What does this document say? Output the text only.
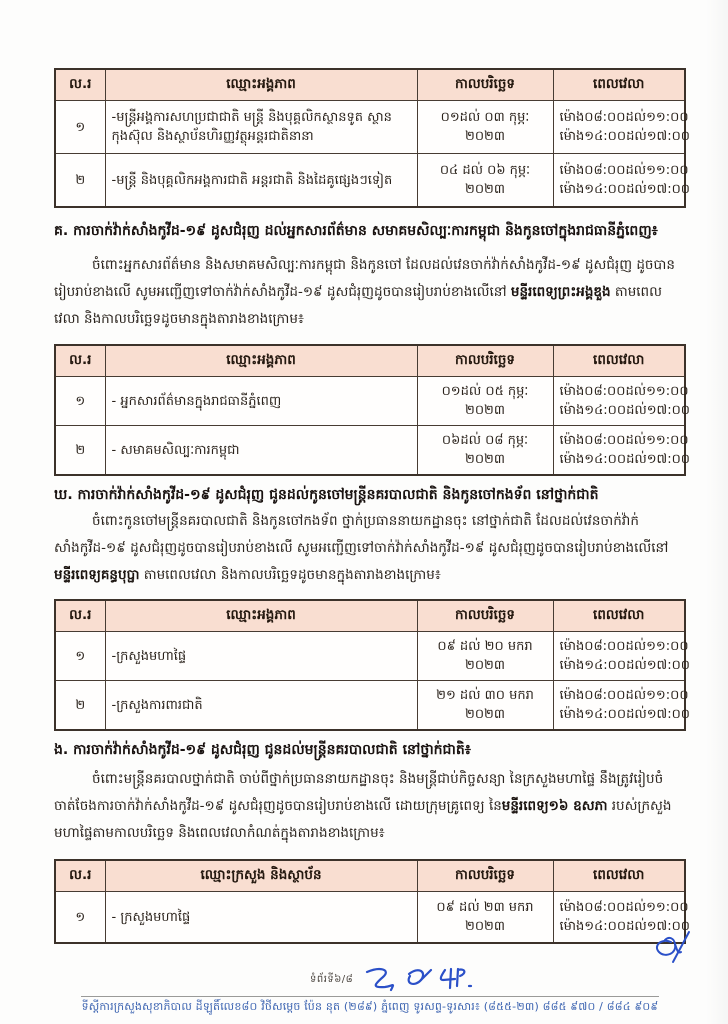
ល.រ	ឈ្មោះអង្គភាព	កាលបរិច្ឆេទ	ពេលវេលា
១	-មន្ត្រីអង្គការសហប្រជាជាតិ មន្ត្រី និងបុគ្គលិកស្ថានទូត ស្ថានកុងស៊ុល និងស្ថាប័នហិរញ្ញវត្ថុអន្តរជាតិនានា	០១ដល់ ០៣ កុម្ភៈ ២០២៣	ម៉ោង០៨:០០ដល់១១:០០
ម៉ោង១៤:០០ដល់១៧:០០

២	-មន្ត្រី និងបុគ្គលិកអង្គការជាតិ អន្តរជាតិ និងដៃគូផ្សេងៗទៀត	០៤ ដល់ ០៦ កុម្ភៈ ២០២៣	ម៉ោង០៨:០០ដល់១១:០០
ម៉ោង១៤:០០ដល់១៧:០០
គ. ការចាក់វ៉ាក់សាំងកូវីដ-១៩ ដូសជំរុញ ដល់អ្នកសារព័ត៌មាន សមាគមសិល្បៈការកម្ពុជា និងកូនចៅក្នុងរាជធានីភ្នំពេញ៖

ចំពោះអ្នកសារព័ត៌មាន និងសមាគមសិល្បៈការកម្ពុជា និងកូនចៅ ដែលដល់វេនចាក់វ៉ាក់សាំងកូវីដ-១៩ ដូសជំរុញ ដូចបានរៀបរាប់ខាងលើ សូមអញ្ជើញទៅចាក់វ៉ាក់សាំងកូវីដ-១៩ ដូសជំរុញដូចបានរៀបរាប់ខាងលើនៅ មន្ទីរពេទ្យព្រះអង្គឌួង តាមពេលវេលា និងកាលបរិច្ឆេទដូចមានក្នុងតារាងខាងក្រោម៖

ល.រ	ឈ្មោះអង្គភាព	កាលបរិច្ឆេទ	ពេលវេលា
១	- អ្នកសារព័ត៌មានក្នុងរាជធានីភ្នំពេញ	០១ដល់ ០៥ កុម្ភៈ ២០២៣	ម៉ោង០៨:០០ដល់១១:០០
ម៉ោង១៤:០០ដល់១៧:០០

២	- សមាគមសិល្បៈការកម្ពុជា	០៦ដល់ ០៨ កុម្ភៈ ២០២៣	ម៉ោង០៨:០០ដល់១១:០០
ម៉ោង១៤:០០ដល់១៧:០០
ឃ. ការចាក់វ៉ាក់សាំងកូវីដ-១៩ ដូសជំរុញ ជូនដល់កូនចៅមន្ត្រីនគរបាលជាតិ និងកូនចៅកងទ័ព នៅថ្នាក់ជាតិ

ចំពោះកូនចៅមន្ត្រីនគរបាលជាតិ និងកូនចៅកងទ័ព ថ្នាក់ប្រធាននាយកដ្ឋានចុះ នៅថ្នាក់ជាតិ ដែលដល់វេនចាក់វ៉ាក់សាំងកូវីដ-១៩ ដូសជំរុញដូចបានរៀបរាប់ខាងលើ សូមអញ្ជើញទៅចាក់វ៉ាក់សាំងកូវីដ-១៩ ដូសជំរុញដូចបានរៀបរាប់ខាងលើនៅ មន្ទីរពេទ្យគន្ធបុប្ផា តាមពេលវេលា និងកាលបរិច្ឆេទដូចមានក្នុងតារាងខាងក្រោម៖

ល.រ	ឈ្មោះអង្គភាព	កាលបរិច្ឆេទ	ពេលវេលា
១	-ក្រសួងមហាផ្ទៃ	០៩ ដល់ ២០ មករា ២០២៣	ម៉ោង០៨:០០ដល់១១:០០
ម៉ោង១៤:០០ដល់១៧:០០

២	-ក្រសួងការពារជាតិ	២១ ដល់ ៣០ មករា ២០២៣	ម៉ោង០៨:០០ដល់១១:០០
ម៉ោង១៤:០០ដល់១៧:០០
ង. ការចាក់វ៉ាក់សាំងកូវីដ-១៩ ដូសជំរុញ ជូនដល់មន្ត្រីនគរបាលជាតិ នៅថ្នាក់ជាតិ៖

ចំពោះមន្ត្រីនគរបាលថ្នាក់ជាតិ ចាប់ពីថ្នាក់ប្រធាននាយកដ្ឋានចុះ និងមន្ត្រីជាប់កិច្ចសន្យា នៃក្រសួងមហាផ្ទៃ នឹងត្រូវរៀបចំចាត់ចែងការចាក់វ៉ាក់សាំងកូវីដ-១៩ ដូសជំរុញដូចបានរៀបរាប់ខាងលើ ដោយក្រុមគ្រូពេទ្យ នៃមន្ទីរពេទ្យ១៦ ឧសភា របស់ក្រសួងមហាផ្ទៃតាមកាលបរិច្ឆេទ និងពេលវេលាកំណត់ក្នុងតារាងខាងក្រោម៖

ល.រ	ឈ្មោះក្រសួង និងស្ថាប័ន	កាលបរិច្ឆេទ	ពេលវេលា
១	- ក្រសួងមហាផ្ទៃ	០៩ ដល់ ២៣ មករា ២០២៣	ម៉ោង០៨:០០ដល់១១:០០
ម៉ោង១៤:០០ដល់១៧:០០
ទំព័រទី៦/៨
ទីស្តីការក្រសួងសុខាភិបាល ដីឡូតិ៍លេខ៨០ វិថីសម្តេច ប៉ែន នុត (២៨៩) ភ្នំពេញ ទូរសព្ទ-ទូរសារ៖ (៨៥៥-២៣) ៨៨៥ ៩៧០ / ៨៨៤ ៩០៩
